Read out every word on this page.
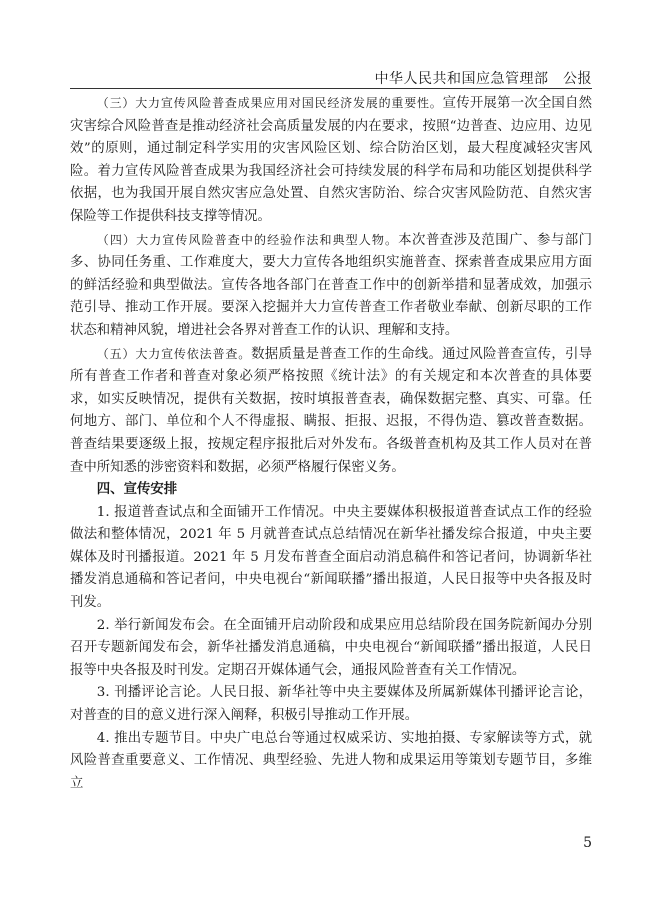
中华人民共和国应急管理部　公报

（三）大力宣传风险普查成果应用对国民经济发展的重要性。宣传开展第一次全国自然灾害综合风险普查是推动经济社会高质量发展的内在要求，按照“边普查、边应用、边见效”的原则，通过制定科学实用的灾害风险区划、综合防治区划，最大程度减轻灾害风险。着力宣传风险普查成果为我国经济社会可持续发展的科学布局和功能区划提供科学依据，也为我国开展自然灾害应急处置、自然灾害防治、综合灾害风险防范、自然灾害保险等工作提供科技支撑等情况。

（四）大力宣传风险普查中的经验作法和典型人物。本次普查涉及范围广、参与部门多、协同任务重、工作难度大，要大力宣传各地组织实施普查、探索普查成果应用方面的鲜活经验和典型做法。宣传各地各部门在普查工作中的创新举措和显著成效，加强示范引导、推动工作开展。要深入挖掘并大力宣传普查工作者敬业奉献、创新尽职的工作状态和精神风貌，增进社会各界对普查工作的认识、理解和支持。

（五）大力宣传依法普查。数据质量是普查工作的生命线。通过风险普查宣传，引导所有普查工作者和普查对象必须严格按照《统计法》的有关规定和本次普查的具体要求，如实反映情况，提供有关数据，按时填报普查表，确保数据完整、真实、可靠。任何地方、部门、单位和个人不得虚报、瞒报、拒报、迟报，不得伪造、篡改普查数据。普查结果要逐级上报，按规定程序报批后对外发布。各级普查机构及其工作人员对在普查中所知悉的涉密资料和数据，必须严格履行保密义务。

四、宣传安排

1. 报道普查试点和全面铺开工作情况。中央主要媒体积极报道普查试点工作的经验做法和整体情况，2021 年 5 月就普查试点总结情况在新华社播发综合报道，中央主要媒体及时刊播报道。2021 年 5 月发布普查全面启动消息稿件和答记者问，协调新华社播发消息通稿和答记者问，中央电视台“新闻联播”播出报道，人民日报等中央各报及时刊发。

2. 举行新闻发布会。在全面铺开启动阶段和成果应用总结阶段在国务院新闻办分别召开专题新闻发布会，新华社播发消息通稿，中央电视台“新闻联播”播出报道，人民日报等中央各报及时刊发。定期召开媒体通气会，通报风险普查有关工作情况。

3. 刊播评论言论。人民日报、新华社等中央主要媒体及所属新媒体刊播评论言论，对普查的目的意义进行深入阐释，积极引导推动工作开展。

4. 推出专题节目。中央广电总台等通过权威采访、实地拍摄、专家解读等方式，就风险普查重要意义、工作情况、典型经验、先进人物和成果运用等策划专题节目，多维立

5
